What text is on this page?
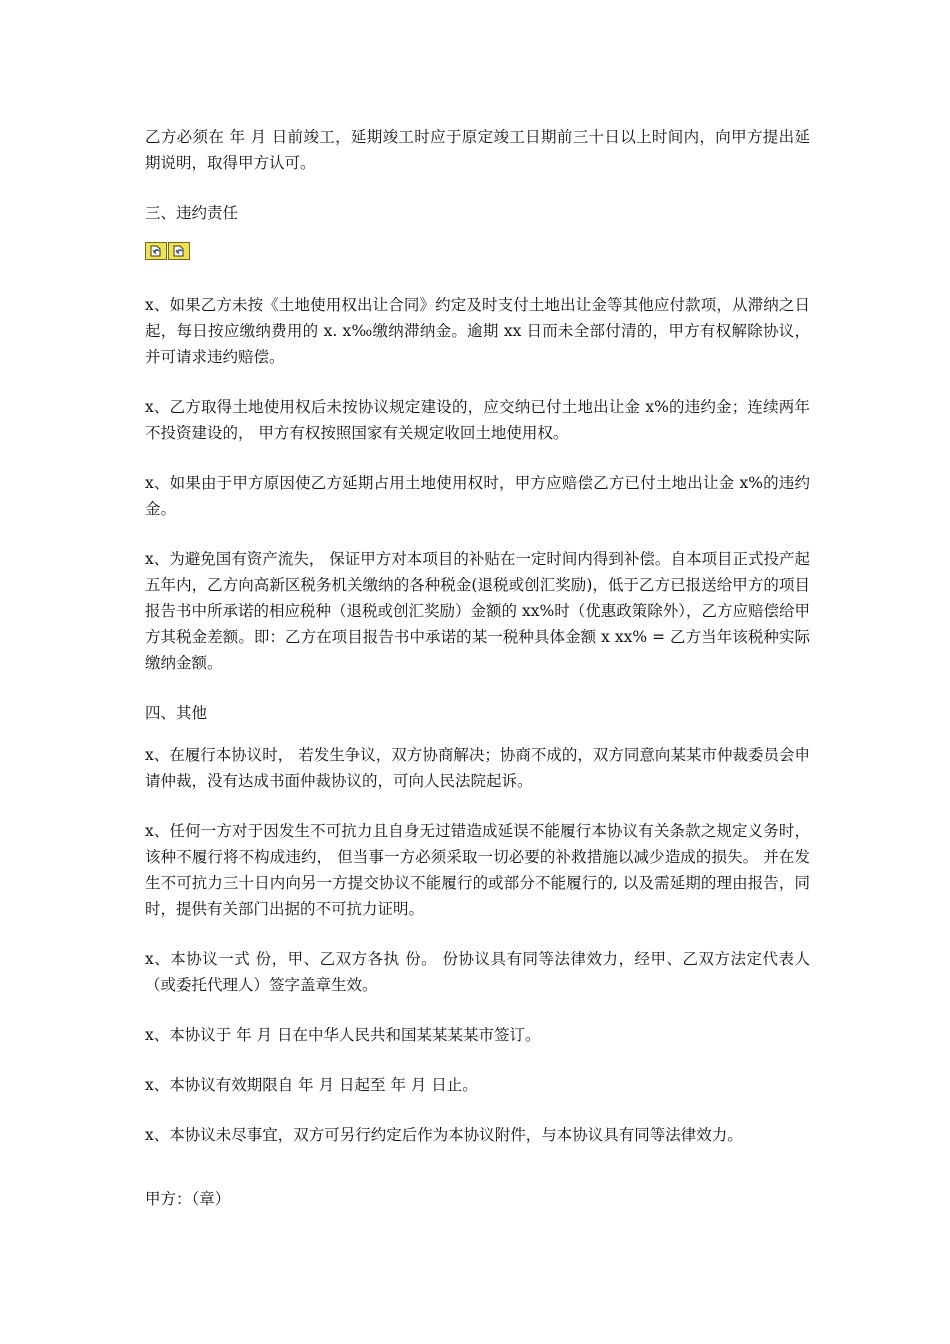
乙方必须在 年 月 日前竣工，延期竣工时应于原定竣工日期前三十日以上时间内，向甲方提出延期说明，取得甲方认可。

三、违约责任

x、如果乙方未按《土地使用权出让合同》约定及时支付土地出让金等其他应付款项，从滞纳之日起，每日按应缴纳费用的 x. x‰缴纳滞纳金。逾期 xx 日而未全部付清的，甲方有权解除协议，并可请求违约赔偿。

x、乙方取得土地使用权后未按协议规定建设的，应交纳已付土地出让金 x%的违约金；连续两年不投资建设的， 甲方有权按照国家有关规定收回土地使用权。

x、如果由于甲方原因使乙方延期占用土地使用权时，甲方应赔偿乙方已付土地出让金 x%的违约金。

x、为避免国有资产流失， 保证甲方对本项目的补贴在一定时间内得到补偿。自本项目正式投产起五年内，乙方向高新区税务机关缴纳的各种税金(退税或创汇奖励)，低于乙方已报送给甲方的项目报告书中所承诺的相应税种（退税或创汇奖励）金额的 xx%时（优惠政策除外），乙方应赔偿给甲方其税金差额。即：乙方在项目报告书中承诺的某一税种具体金额 x xx% = 乙方当年该税种实际缴纳金额。

四、其他

x、在履行本协议时， 若发生争议，双方协商解决；协商不成的，双方同意向某某市仲裁委员会申请仲裁，没有达成书面仲裁协议的，可向人民法院起诉。

x、任何一方对于因发生不可抗力且自身无过错造成延误不能履行本协议有关条款之规定义务时，该种不履行将不构成违约， 但当事一方必须采取一切必要的补救措施以减少造成的损失。 并在发生不可抗力三十日内向另一方提交协议不能履行的或部分不能履行的, 以及需延期的理由报告，同时，提供有关部门出据的不可抗力证明。

x、本协议一式 份，甲、乙双方各执 份。 份协议具有同等法律效力，经甲、乙双方法定代表人（或委托代理人）签字盖章生效。

x、本协议于 年 月 日在中华人民共和国某某某某市签订。

x、本协议有效期限自 年 月 日起至 年 月 日止。

x、本协议未尽事宜，双方可另行约定后作为本协议附件，与本协议具有同等法律效力。

甲方：（章）
